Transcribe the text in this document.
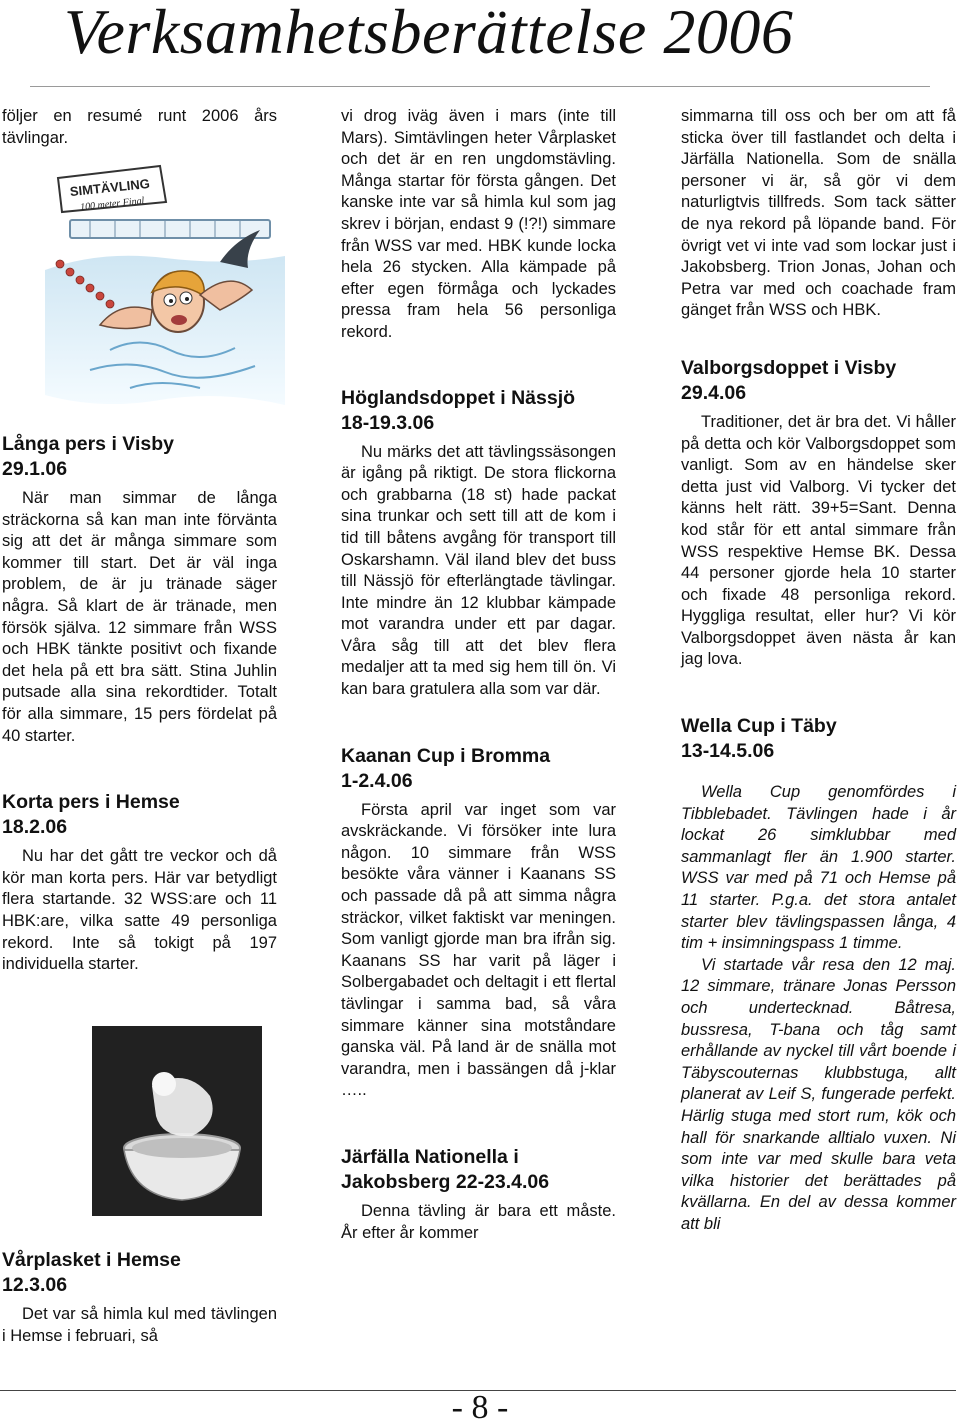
Verksamhetsberättelse 2006

följer en resumé runt 2006 års tävlingar.

SIMTÄVLING
100 meter Final
Långa pers i Visby
29.1.06

När man simmar de långa sträckorna så kan man inte förvänta sig att det är många simmare som kommer till start. Det är väl inga problem, de är ju tränade säger några. Så klart de är tränade, men försök själva. 12 simmare från WSS och HBK tänkte positivt och fixande det hela på ett bra sätt. Stina Juhlin putsade alla sina rekordtider. Totalt för alla simmare, 15 pers fördelat på 40 starter.

Korta pers i Hemse
18.2.06

Nu har det gått tre veckor och då kör man korta pers. Här var betydligt flera startande. 32 WSS:are och 11 HBK:are, vilka satte 49 personliga rekord. Inte så tokigt på 197 individuella starter.

Vårplasket i Hemse
12.3.06

Det var så himla kul med tävlingen i Hemse i februari, så

vi drog iväg även i mars (inte till Mars). Simtävlingen heter Vårplasket och det är en ren ungdomstävling. Många startar för första gången. Det kanske inte var så himla kul som jag skrev i början, endast 9 (!?!) simmare från WSS var med. HBK kunde locka hela 26 stycken. Alla kämpade på efter egen förmåga och lyckades pressa fram hela 56 personliga rekord.

Höglandsdoppet i Nässjö
18-19.3.06

Nu märks det att tävlingssäsongen är igång på riktigt. De stora flickorna och grabbarna (18 st) hade packat sina trunkar och sett till att de kom i tid till båtens avgång för transport till Oskarshamn. Väl iland blev det buss till Nässjö för efterlängtade tävlingar. Inte mindre än 12 klubbar kämpade mot varandra under ett par dagar. Våra såg till att det blev flera medaljer att ta med sig hem till ön. Vi kan bara gratulera alla som var där.

Kaanan Cup i Bromma
1-2.4.06

Första april var inget som var avskräckande. Vi försöker inte lura någon. 10 simmare från WSS besökte våra vänner i Kaanans SS och passade då på att simma några sträckor, vilket faktiskt var meningen. Som vanligt gjorde man bra ifrån sig. Kaanans SS har varit på läger i Solbergabadet och deltagit i ett flertal tävlingar i samma bad, så våra simmare känner sina motståndare ganska väl. På land är de snälla mot varandra, men i bassängen då j-klar …..

Järfälla Nationella i Jakobsberg 22-23.4.06

Denna tävling är bara ett måste. År efter år kommer

simmarna till oss och ber om att få sticka över till fastlandet och delta i Järfälla Nationella. Som de snälla personer vi är, så gör vi dem naturligtvis tillfreds. Som tack sätter de nya rekord på löpande band. För övrigt vet vi inte vad som lockar just i Jakobsberg. Trion Jonas, Johan och Petra var med och coachade fram gänget från WSS och HBK.

Valborgsdoppet i Visby
29.4.06

Traditioner, det är bra det. Vi håller på detta och kör Valborgsdoppet som vanligt. Som av en händelse sker detta just vid Valborg. Vi tycker det känns helt rätt. 39+5=Sant. Denna kod står för ett antal simmare från WSS respektive Hemse BK. Dessa 44 personer gjorde hela 10 starter och fixade 48 personliga rekord. Hyggliga resultat, eller hur? Vi kör Valborgsdoppet även nästa år kan jag lova.

Wella Cup i Täby
13-14.5.06

Wella Cup genomfördes i Tibblebadet. Tävlingen hade i år lockat 26 simklubbar med sammanlagt fler än 1.900 starter. WSS var med på 71 och Hemse på 11 starter. P.g.a. det stora antalet starter blev tävlingspassen långa, 4 tim + insimningspass 1 timme.

Vi startade vår resa den 12 maj. 12 simmare, tränare Jonas Persson och undertecknad. Båtresa, bussresa, T-bana och tåg samt erhållande av nyckel till vårt boende i Täbyscouternas klubbstuga, allt planerat av Leif S, fungerade perfekt. Härlig stuga med stort rum, kök och hall för snarkande alltialo vuxen. Ni som inte var med skulle bara veta vilka historier det berättades på kvällarna. En del av dessa kommer att bli

- 8 -
